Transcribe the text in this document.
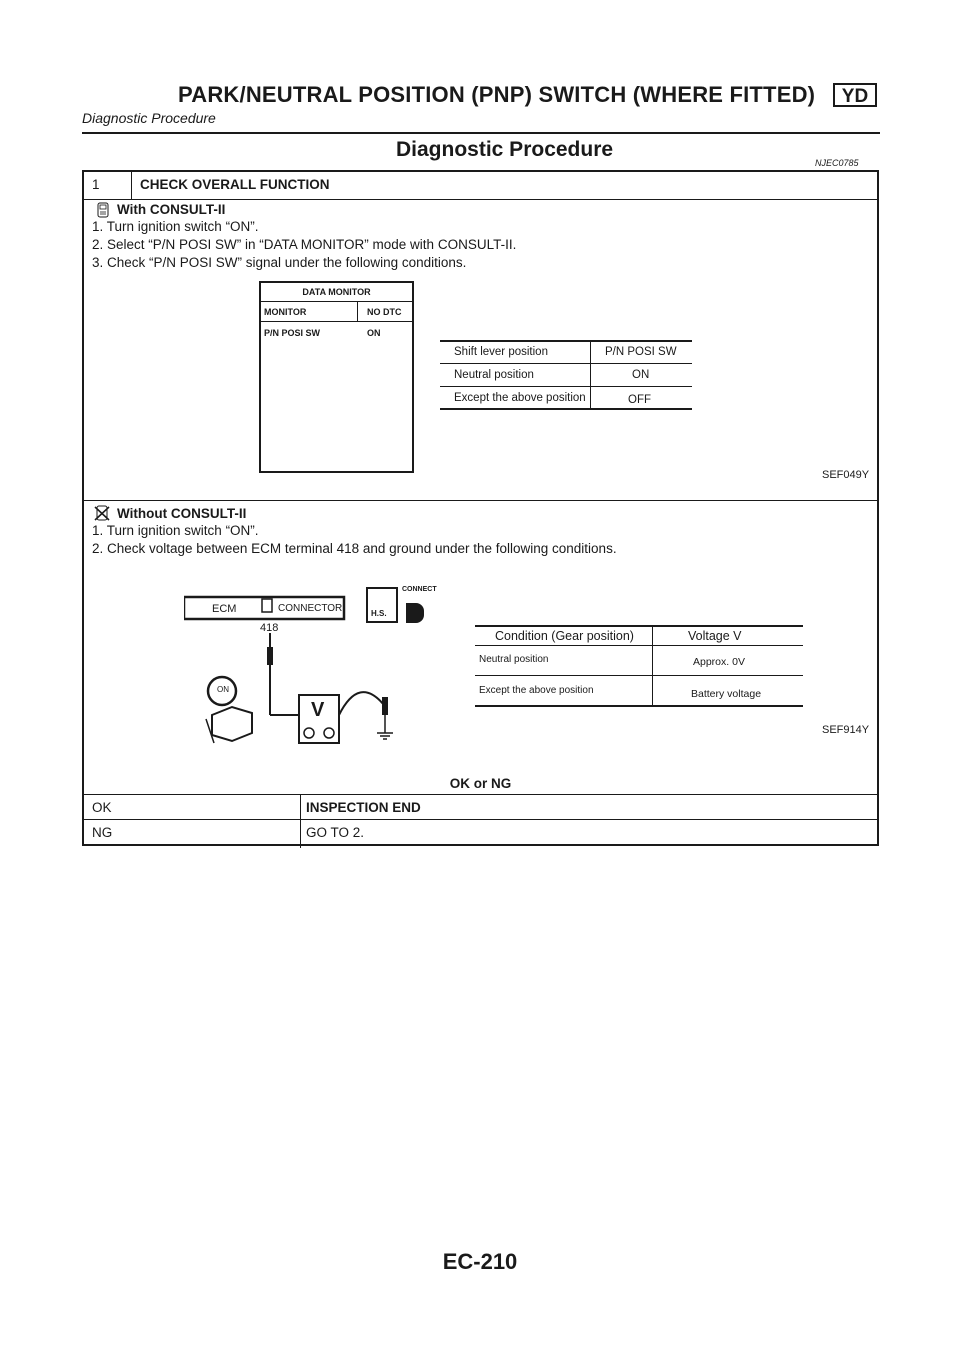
PARK/NEUTRAL POSITION (PNP) SWITCH (WHERE FITTED)	YD
Diagnostic Procedure
Diagnostic Procedure
NJEC0785
1	CHECK OVERALL FUNCTION
With CONSULT-II
1. Turn ignition switch “ON”.
2. Select “P/N POSI SW” in “DATA MONITOR” mode with CONSULT-II.
3. Check “P/N POSI SW” signal under the following conditions.
DATA MONITOR
MONITOR	NO DTC
P/N POSI SW	ON
Shift lever position	P/N POSI SW
Neutral position	ON
Except the above position	OFF
SEF049Y
Without CONSULT-II
1. Turn ignition switch “ON”.
2. Check voltage between ECM terminal 418 and ground under the following conditions.
ECM	CONNECTOR
418
CONNECT
H.S.
V
ON
Condition (Gear position)	Voltage V
Neutral position	Approx. 0V
Except the above position	Battery voltage
SEF914Y
OK or NG
OK	INSPECTION END
NG	GO TO 2.
EC-210
